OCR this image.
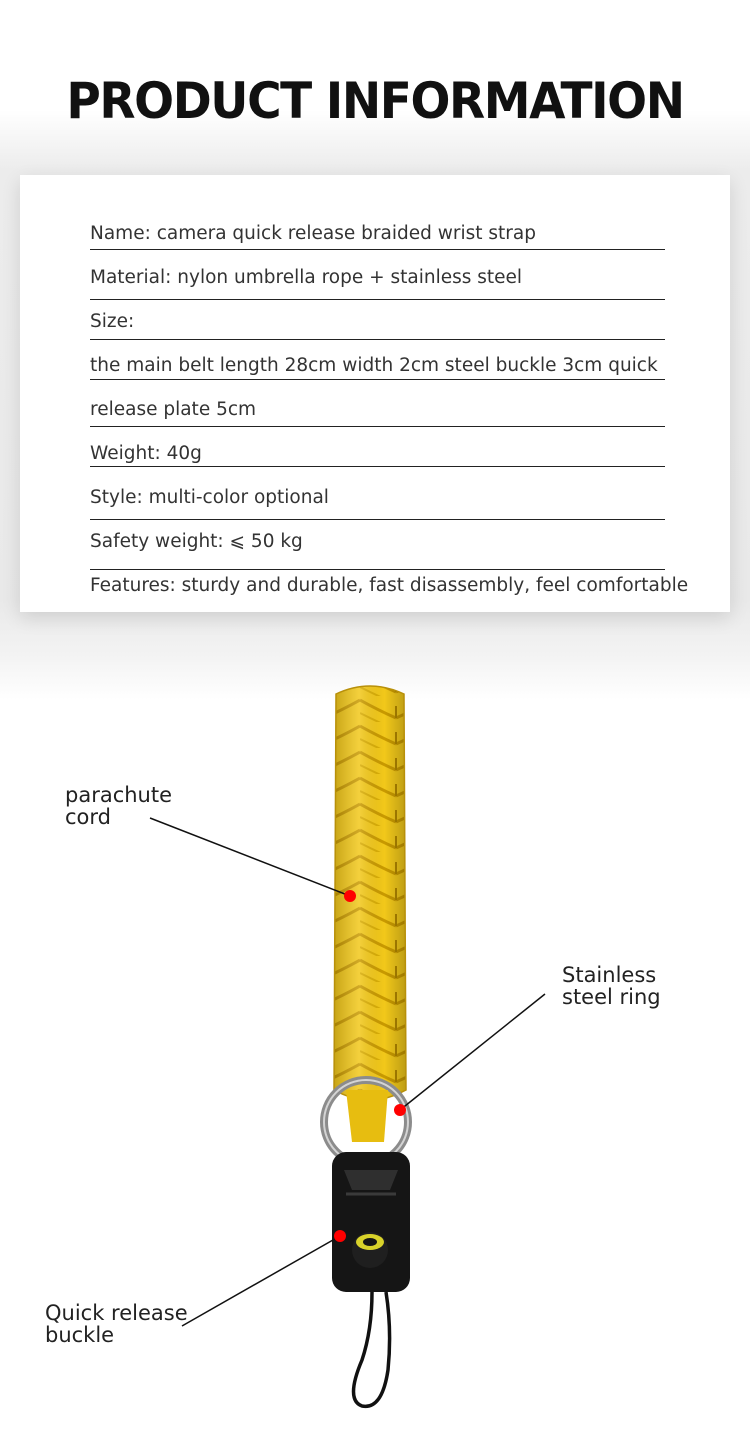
PRODUCT INFORMATION
Name: camera quick release braided wrist strap
Material: nylon umbrella rope + stainless steel
Size:
the main belt length 28cm width 2cm steel buckle 3cm quick
release plate 5cm
Weight: 40g
Style: multi-color optional
Safety weight: ⩽ 50 kg
Features: sturdy and durable, fast disassembly, feel comfortable
parachute
cord
Stainless
steel ring
Quick release
buckle
